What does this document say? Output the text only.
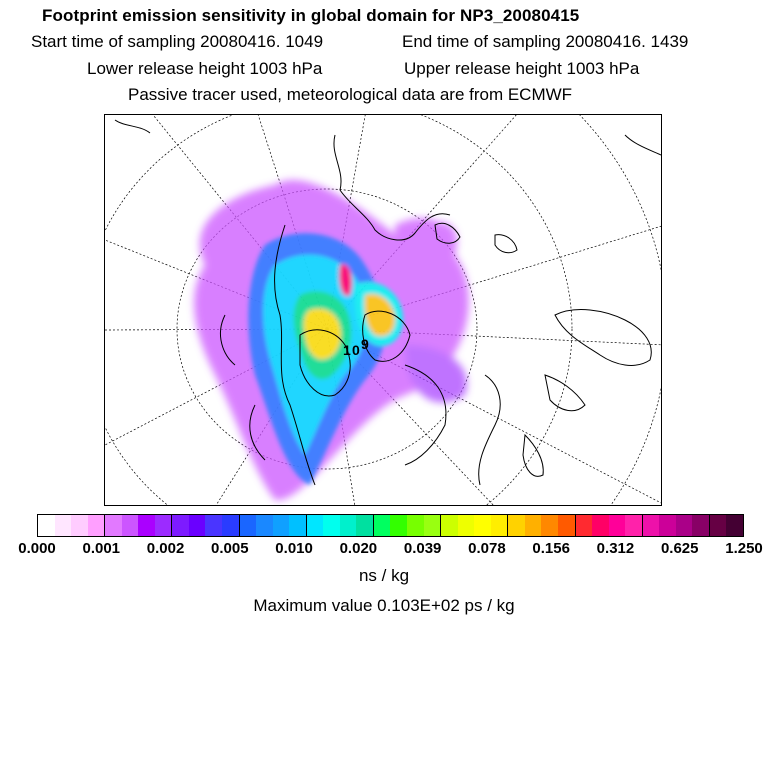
Footprint emission sensitivity in global domain for NP3_20080415
Start time of sampling 20080416. 1049	End time of sampling 20080416. 1439
Lower release height 1003 hPa	Upper release height 1003 hPa
Passive tracer used, meteorological data are from ECMWF
1 0 9
0.000 0.001 0.002 0.005 0.010 0.020 0.039 0.078 0.156 0.312 0.625 1.250
ns / kg
Maximum value 0.103E+02 ps / kg
